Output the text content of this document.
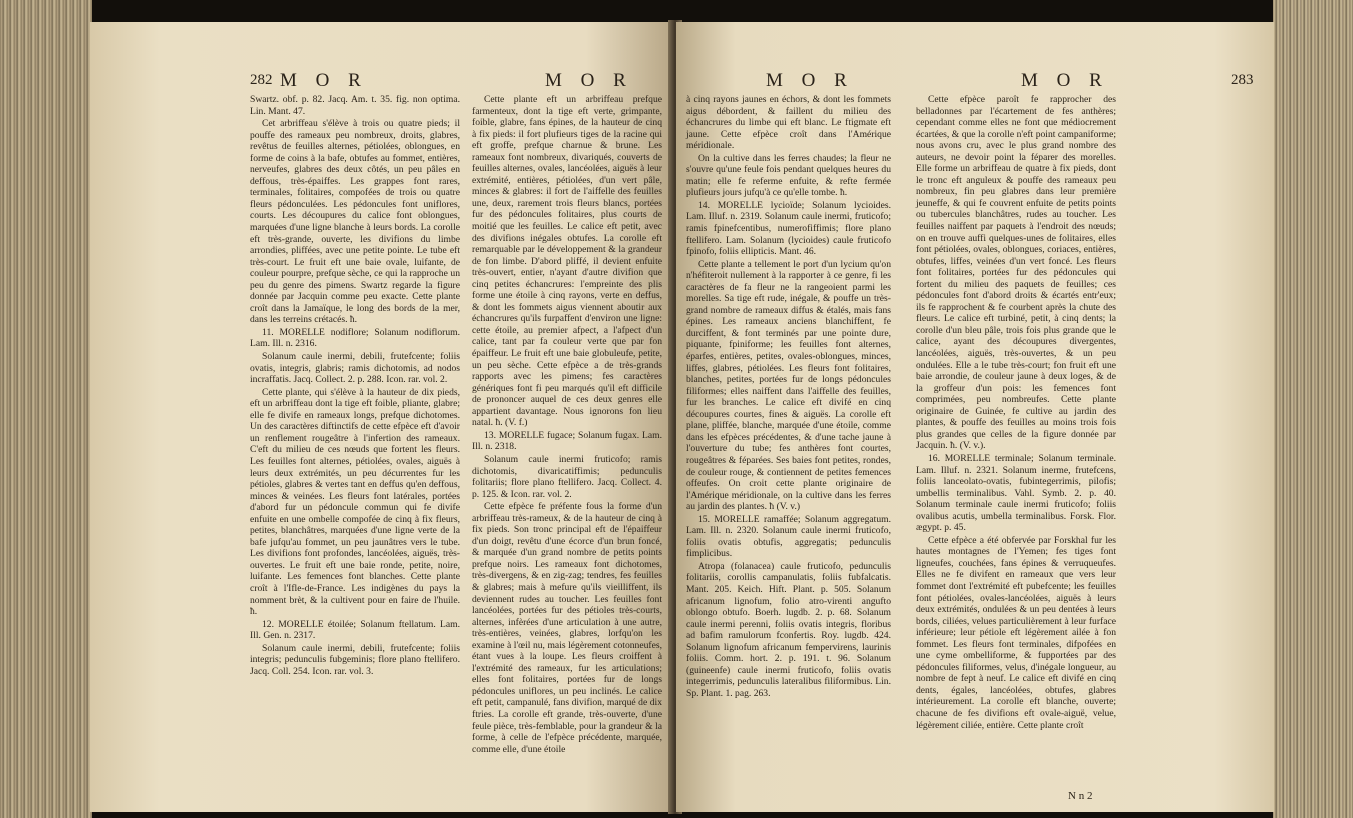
282 M O R	M O R

Swartz. obf. p. 82. Jacq. Am. t. 35. fig. non optima. Lin. Mant. 47.

Cet arbriffeau s'élève à trois ou quatre pieds; il pouffe des rameaux peu nombreux, droits, glabres, revêtus de feuilles alternes, pétiolées, oblongues, en forme de coins à la bafe, obtufes au fommet, entières, nerveufes, glabres des deux côtés, un peu pâles en deffous, très-épaiffes. Les grappes font rares, terminales, folitaires, compofées de trois ou quatre fleurs pédonculées. Les pédoncules font uniflores, courts. Les découpures du calice font oblongues, marquées d'une ligne blanche à leurs bords. La corolle eft très-grande, ouverte, les divifions du limbe arrondies, pliffées, avec une petite pointe. Le tube eft très-court. Le fruit eft une baie ovale, luifante, de couleur pourpre, prefque sèche, ce qui la rapproche un peu du genre des pimens. Swartz regarde la figure donnée par Jacquin comme peu exacte. Cette plante croît dans la Jamaïque, le long des bords de la mer, dans les terreins crétacés. ħ.

11. MORELLE nodiflore; Solanum nodiflorum. Lam. Ill. n. 2316.

Solanum caule inermi, debili, frutefcente; foliis ovatis, integris, glabris; ramis dichotomis, ad nodos incraffatis. Jacq. Collect. 2. p. 288. Icon. rar. vol. 2.

Cette plante, qui s'élève à la hauteur de dix pieds, eft un arbriffeau dont la tige eft foible, pliante, glabre; elle fe divife en rameaux longs, prefque dichotomes. Un des caractères diftinctifs de cette efpèce eft d'avoir un renflement rougeâtre à l'infertion des rameaux. C'eft du milieu de ces nœuds que fortent les fleurs. Les feuilles font alternes, pétiolées, ovales, aiguës à leurs deux extrémités, un peu décurrentes fur les pétioles, glabres & vertes tant en deffus qu'en deffous, minces & veinées. Les fleurs font latérales, portées d'abord fur un pédoncule commun qui fe divife enfuite en une ombelle compofée de cinq à fix fleurs, petites, blanchâtres, marquées d'une ligne verte de la bafe jufqu'au fommet, un peu jaunâtres vers le tube. Les divifions font profondes, lancéolées, aiguës, très-ouvertes. Le fruit eft une baie ronde, petite, noire, luifante. Les femences font blanches. Cette plante croît à l'Ifle-de-France. Les indigènes du pays la nomment brèt, & la cultivent pour en faire de l'huile. ħ.

12. MORELLE étoilée; Solanum ftellatum. Lam. Ill. Gen. n. 2317.

Solanum caule inermi, debili, frutefcente; foliis integris; pedunculis fubgeminis; flore plano ftelliferо. Jacq. Coll. 254. Icon. rar. vol. 3.

Cette plante eft un arbriffeau prefque farmenteux, dont la tige eft verte, grimpante, foible, glabre, fans épines, de la hauteur de cinq à fix pieds: il fort plufieurs tiges de la racine qui eft groffe, prefque charnue & brune. Les rameaux font nombreux, divariqués, couverts de feuilles alternes, ovales, lancéolées, aiguës à leur extrémité, entières, pétiolées, d'un vert pâle, minces & glabres: il fort de l'aiffelle des feuilles une, deux, rarement trois fleurs blancs, portées fur des pédoncules folitaires, plus courts de moitié que les feuilles. Le calice eft petit, avec des divifions inégales obtufes. La corolle eft remarquable par le développement & la grandeur de fon limbe. D'abord pliffé, il devient enfuite très-ouvert, entier, n'ayant d'autre divifion que cinq petites échancrures: l'empreinte des plis forme une étoile à cinq rayons, verte en deffus, & dont les fommets aigus viennent aboutir aux échancrures qu'ils furpaffent d'environ une ligne: cette étoile, au premier afpect, a l'afpect d'un calice, tant par fa couleur verte que par fon épaiffeur. Le fruit eft une baie globuleufe, petite, un peu sèche. Cette efpèce a de très-grands rapports avec les pimens; fes caractères génériques font fi peu marqués qu'il eft difficile de prononcer auquel de ces deux genres elle appartient davantage. Nous ignorons fon lieu natal. ħ. (V. f.)

13. MORELLE fugace; Solanum fugax. Lam. Ill. n. 2318.

Solanum caule inermi fruticofo; ramis dichotomis, divaricatiffimis; pedunculis folitariis; flore plano ftellifero. Jacq. Collect. 4. p. 125. & Icon. rar. vol. 2.

Cette efpèce fe préfente fous la forme d'un arbriffeau très-rameux, & de la hauteur de cinq à fix pieds. Son tronc principal eft de l'épaiffeur d'un doigt, revêtu d'une écorce d'un brun foncé, & marquée d'un grand nombre de petits points prefque noirs. Les rameaux font dichotomes, très-divergens, & en zig-zag; tendres, fes feuilles & glabres; mais à mefure qu'ils vieilliffent, ils deviennent rudes au toucher. Les feuilles font lancéolées, portées fur des pétioles très-courts, alternes, infèrées d'une articulation à une autre, très-entières, veinées, glabres, lorfqu'on les examine à l'œil nu, mais légèrement cotonneufes, étant vues à la loupe. Les fleurs croiffent à l'extrémité des rameaux, fur les articulations; elles font folitaires, portées fur de longs pédoncules uniflores, un peu inclinés. Le calice eft petit, campanulé, fans divifion, marqué de dix ftries. La corolle eft grande, très-ouverte, d'une feule pièce, très-femblable, pour la grandeur & la forme, à celle de l'efpèce précédente, marquée, comme elle, d'une étoile

M O R	M O R	283

à cinq rayons jaunes en échors, & dont les fommets aigus débordent, & faillent du milieu des échancrures du limbe qui eft blanc. Le ftigmate eft jaune. Cette efpèce croît dans l'Amérique méridionale.

On la cultive dans les ferres chaudes; la fleur ne s'ouvre qu'une feule fois pendant quelques heures du matin; elle fe referme enfuite, & refte fermée plufieurs jours jufqu'à ce qu'elle tombe. ħ.

14. MORELLE lycioïde; Solanum lycioides. Lam. Illuf. n. 2319. Solanum caule inermi, fruticofo; ramis fpinefcentibus, numerofiffimis; flore plano ftellifero. Lam. Solanum (lycioides) caule fruticofo fpinofo, foliis ellipticis. Mant. 46.

Cette plante a tellement le port d'un lycium qu'on n'héfiteroit nullement à la rapporter à ce genre, fi les caractères de fa fleur ne la rangeoient parmi les morelles. Sa tige eft rude, inégale, & pouffe un très-grand nombre de rameaux diffus & étalés, mais fans épines. Les rameaux anciens blanchiffent, fe durciffent, & font terminés par une pointe dure, piquante, fpiniforme; les feuilles font alternes, éparfes, entières, petites, ovales-oblongues, minces, liffes, glabres, pétiolées. Les fleurs font folitaires, blanches, petites, portées fur de longs pédoncules filiformes; elles naiffent dans l'aiffelle des feuilles, fur les branches. Le calice eft divifé en cinq découpures courtes, fines & aiguës. La corolle eft plane, pliffée, blanche, marquée d'une étoile, comme dans les efpèces précédentes, & d'une tache jaune à l'ouverture du tube; fes anthères font courtes, rougeâtres & féparées. Ses baies font petites, rondes, de couleur rouge, & contiennent de petites femences offeufes. On croit cette plante originaire de l'Amérique méridionale, on la cultive dans les ferres au jardin des plantes. ħ (V. v.)

15. MORELLE ramaffée; Solanum aggregatum. Lam. Ill. n. 2320. Solanum caule inermi fruticofo, foliis ovatis obtufis, aggregatis; pedunculis fimplicibus.

Atropa (folanacea) caule fruticofo, pedunculis folitariis, corollis campanulatis, foliis fubfalcatis. Mant. 205. Keich. Hift. Plant. p. 505. Solanum africanum lignofum, folio atro-virenti angufto oblongo obtufo. Boerh. lugdb. 2. p. 68. Solanum caule inermi perenni, foliis ovatis integris, floribus ad bafim ramulorum fconfertis. Roy. lugdb. 424. Solanum lignofum africanum fempervirens, laurinis foliis. Comm. hort. 2. p. 191. t. 96. Solanum (guineenfe) caule inermi fruticofo, foliis ovatis integerrimis, pedunculis lateralibus filiformibus. Lin. Sp. Plant. 1. pag. 263.

Cette efpèce paroît fe rapprocher des belladonnes par l'écartement de fes anthères; cependant comme elles ne font que médiocrement écartées, & que la corolle n'eft point campaniforme; nous avons cru, avec le plus grand nombre des auteurs, ne devoir point la féparer des morelles. Elle forme un arbriffeau de quatre à fix pieds, dont le tronc eft anguleux & pouffe des rameaux peu nombreux, fin peu glabres dans leur première jeuneffe, & qui fe couvrent enfuite de petits points ou tubercules blanchâtres, rudes au toucher. Les feuilles naiffent par paquets à l'endroit des nœuds; on en trouve auffi quelques-unes de folitaires, elles font pétiolées, ovales, oblongues, coriaces, entières, obtufes, liffes, veinées d'un vert foncé. Les fleurs font folitaires, portées fur des pédoncules qui fortent du milieu des paquets de feuilles; ces pédoncules font d'abord droits & écartés entr'eux; ils fe rapprochent & fe courbent après la chute des fleurs. Le calice eft turbiné, petit, à cinq dents; la corolle d'un bleu pâle, trois fois plus grande que le calice, ayant des découpures divergentes, lancéolées, aiguës, très-ouvertes, & un peu ondulées. Elle a le tube très-court; fon fruit eft une baie arrondie, de couleur jaune à deux loges, & de la groffeur d'un pois: les femences font comprimées, peu nombreufes. Cette plante originaire de Guinée, fe cultive au jardin des plantes, & pouffe des feuilles au moins trois fois plus grandes que celles de la figure donnée par Jacquin. ħ. (V. v.).

16. MORELLE terminale; Solanum terminale. Lam. Illuf. n. 2321. Solanum inerme, frutefcens, foliis lanceolato-ovatis, fubintegerrimis, pilofis; umbellis terminalibus. Vahl. Symb. 2. p. 40. Solanum terminale caule inermi fruticofo; foliis ovalibus acutis, umbella terminalibus. Forsk. Flor. ægypt. p. 45.

Cette efpèce a été obfervée par Forskhal fur les hautes montagnes de l'Yemen; fes tiges font ligneufes, couchées, fans épines & verruqueufes. Elles ne fe divifent en rameaux que vers leur fommet dont l'extrémité eft pubefcente; les feuilles font pétiolées, ovales-lancéolées, aiguës à leurs deux extrémités, ondulées & un peu dentées à leurs bords, ciliées, velues particulièrement à leur furface inférieure; leur pétiole eft légèrement ailée à fon fommet. Les fleurs font terminales, difpofées en une cyme ombelliforme, & fupportées par des pédoncules filiformes, velus, d'inégale longueur, au nombre de fept à neuf. Le calice eft divifé en cinq dents, égales, lancéolées, obtufes, glabres intérieurement. La corolle eft blanche, ouverte; chacune de fes divifions eft ovale-aiguë, velue, légèrement ciliée, entière. Cette plante croît

N n 2
